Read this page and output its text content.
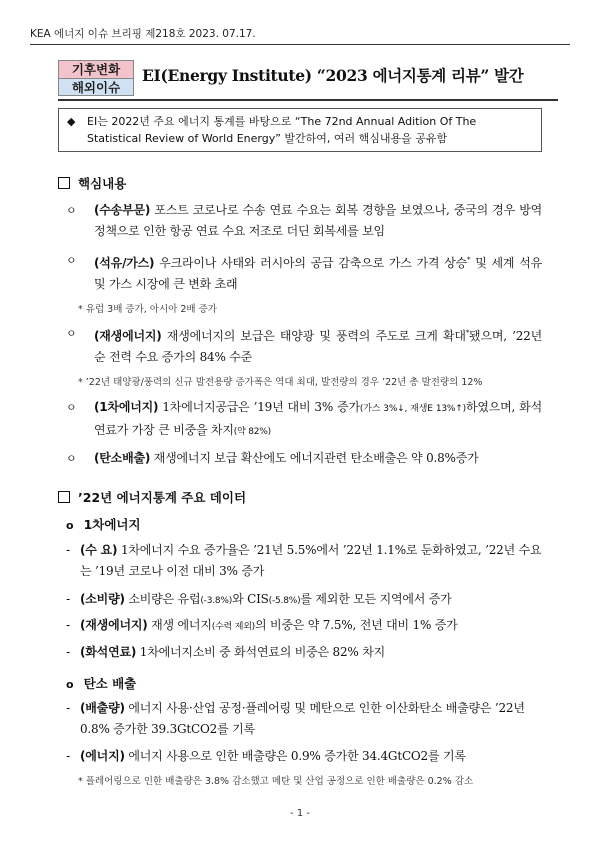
KEA 에너지 이슈 브리핑 제218호 2023. 07.17.
기후변화
해외이슈
EI(Energy Institute) “2023 에너지통계 리뷰” 발간
◆ EI는 2022년 주요 에너지 통계를 바탕으로 “The 72nd Annual Adition Of The Statistical Review of World Energy” 발간하여, 여러 핵심내용을 공유함
핵심내용
ㅇ (수송부문) 포스트 코로나로 수송 연료 수요는 회복 경향을 보였으나, 중국의 경우 방역정책으로 인한 항공 연료 수요 저조로 더딘 회복세를 보임
ㅇ (석유/가스) 우크라이나 사태와 러시아의 공급 감축으로 가스 가격 상승* 및 세계 석유 및 가스 시장에 큰 변화 초래
* 유럽 3배 증가, 아시아 2배 증가
ㅇ (재생에너지) 재생에너지의 보급은 태양광 및 풍력의 주도로 크게 확대*됐으며, ’22년 순 전력 수요 증가의 84% 수준
* ’22년 태양광/풍력의 신규 발전용량 증가폭은 역대 최대, 발전량의 경우 ’22년 총 발전량의 12%
ㅇ (1차에너지) 1차에너지공급은 ’19년 대비 3% 증가(가스 3%↓, 재생E 13%↑)하였으며, 화석연료가 가장 큰 비중을 차지(약 82%)
ㅇ (탄소배출) 재생에너지 보급 확산에도 에너지관련 탄소배출은 약 0.8%증가
’22년 에너지통계 주요 데이터
o 1차에너지
- (수 요) 1차에너지 수요 증가율은 ’21년 5.5%에서 ’22년 1.1%로 둔화하였고, ’22년 수요는 ’19년 코로나 이전 대비 3% 증가
- (소비량) 소비량은 유럽(-3.8%)와 CIS(-5.8%)를 제외한 모든 지역에서 증가
- (재생에너지) 재생 에너지(수력 제외)의 비중은 약 7.5%, 전년 대비 1% 증가
- (화석연료) 1차에너지소비 중 화석연료의 비중은 82% 차지
o 탄소 배출
- (배출량) 에너지 사용·산업 공정·플레어링 및 메탄으로 인한 이산화탄소 배출량은 ’22년 0.8% 증가한 39.3GtCO2를 기록
- (에너지) 에너지 사용으로 인한 배출량은 0.9% 증가한 34.4GtCO2를 기록
* 플레어링으로 인한 배출량은 3.8% 감소했고 메탄 및 산업 공정으로 인한 배출량은 0.2% 감소
- 1 -
